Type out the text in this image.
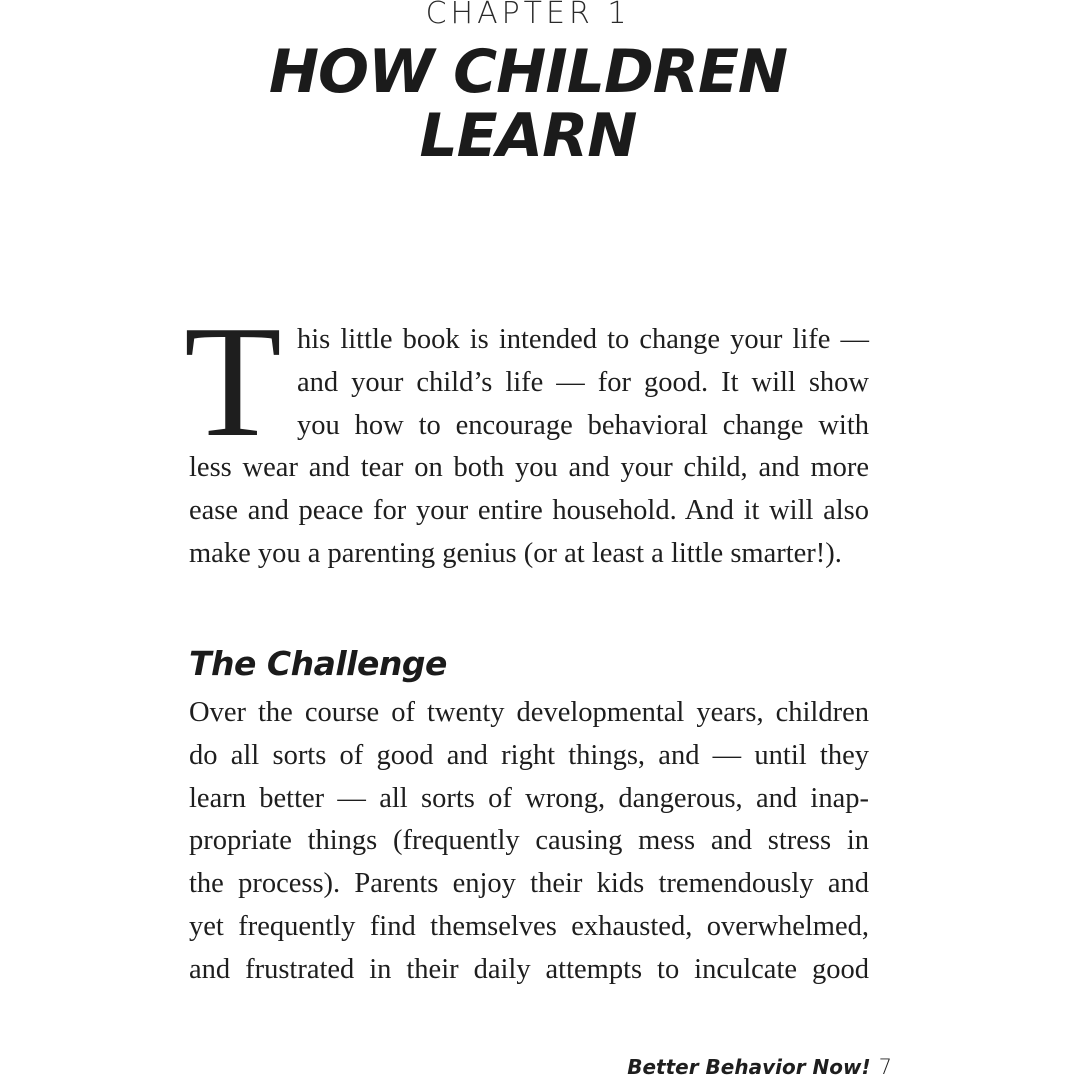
CHAPTER 1
HOW CHILDREN
LEARN
T his little book is intended to change your life —
and your child’s life — for good. It will show
you how to encourage behavioral change with
less wear and tear on both you and your child, and more
ease and peace for your entire household. And it will also
make you a parenting genius (or at least a little smarter!).
The Challenge
Over the course of twenty developmental years, children
do all sorts of good and right things, and — until they
learn better — all sorts of wrong, dangerous, and inap-
propriate things (frequently causing mess and stress in
the process). Parents enjoy their kids tremendously and
yet frequently find themselves exhausted, overwhelmed,
and frustrated in their daily attempts to inculcate good
Better Behavior Now! 7
